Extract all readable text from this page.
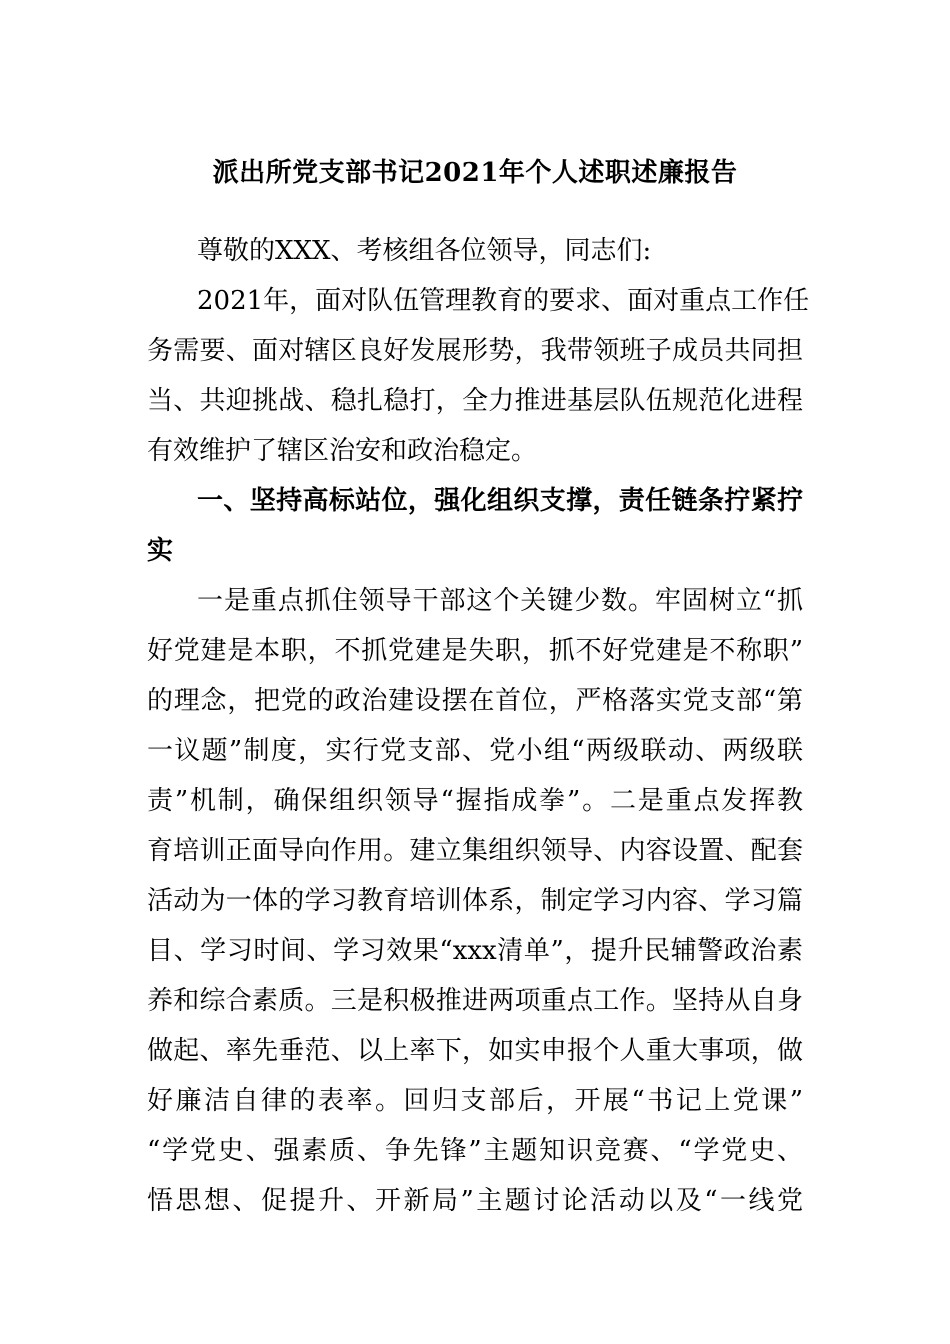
派出所党支部书记2021年个人述职述廉报告
尊敬的XXX、考核组各位领导，同志们:
2021年，面对队伍管理教育的要求、面对重点工作任
务需要、面对辖区良好发展形势，我带领班子成员共同担
当、共迎挑战、稳扎稳打，全力推进基层队伍规范化进程
有效维护了辖区治安和政治稳定。
一、坚持高标站位，强化组织支撑，责任链条拧紧拧
实
一是重点抓住领导干部这个关键少数。牢固树立“抓
好党建是本职，不抓党建是失职，抓不好党建是不称职”
的理念，把党的政治建设摆在首位，严格落实党支部“第
一议题”制度，实行党支部、党小组“两级联动、两级联
责”机制，确保组织领导“握指成拳”。二是重点发挥教
育培训正面导向作用。建立集组织领导、内容设置、配套
活动为一体的学习教育培训体系，制定学习内容、学习篇
目、学习时间、学习效果“xxx清单”，提升民辅警政治素
养和综合素质。三是积极推进两项重点工作。坚持从自身
做起、率先垂范、以上率下，如实申报个人重大事项，做
好廉洁自律的表率。回归支部后，开展“书记上党课”
“学党史、强素质、争先锋”主题知识竞赛、“学党史、
悟思想、促提升、开新局”主题讨论活动以及“一线党
